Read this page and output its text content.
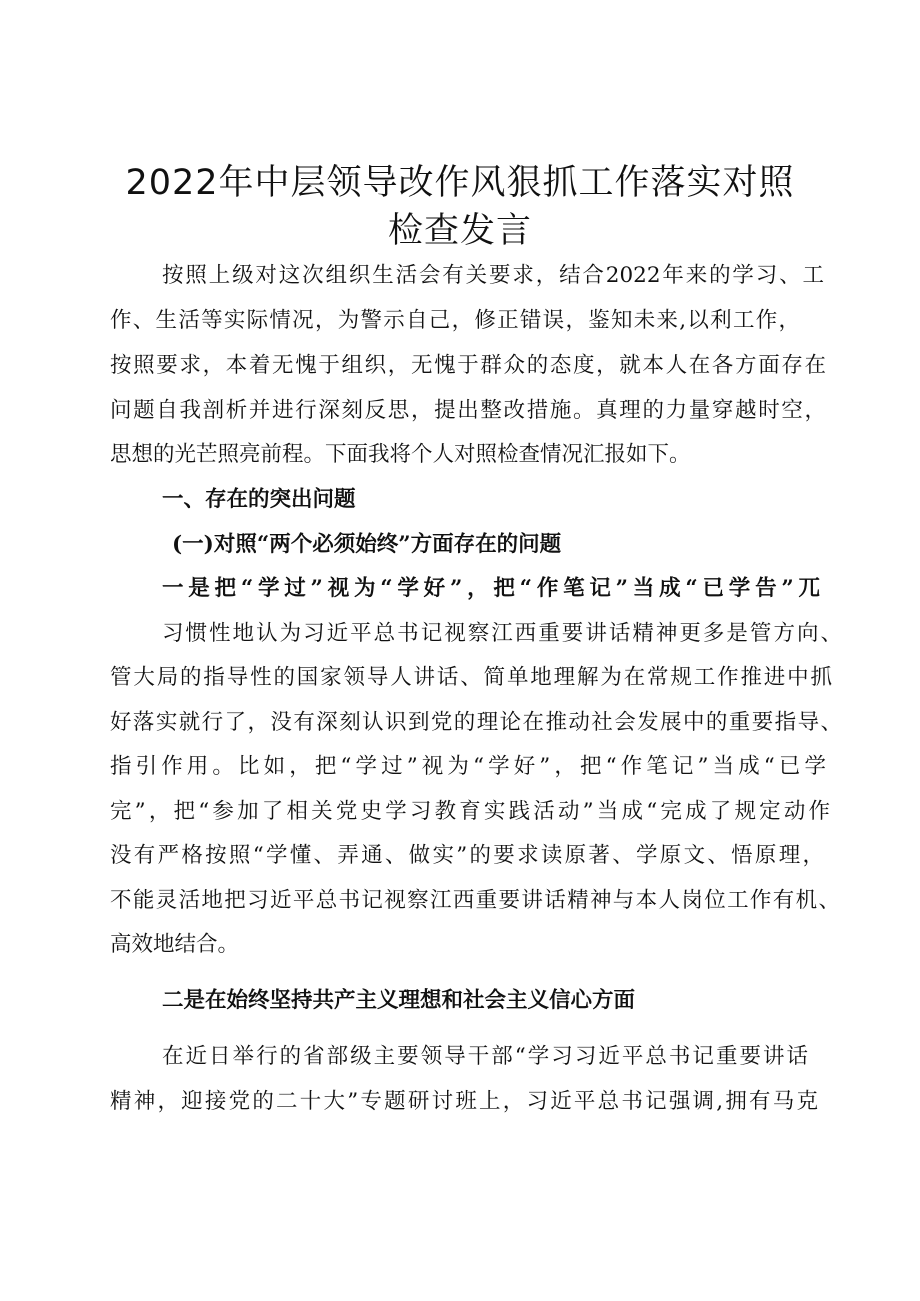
2022年中层领导改作风狠抓工作落实对照
检查发言
按照上级对这次组织生活会有关要求，结合2022年来的学习、工
作、生活等实际情况，为警示自己，修正错误，鉴知未来,以利工作，
按照要求，本着无愧于组织，无愧于群众的态度，就本人在各方面存在
问题自我剖析并进行深刻反思，提出整改措施。真理的力量穿越时空，
思想的光芒照亮前程。下面我将个人对照检查情况汇报如下。
一、存在的突出问题
(一)对照“两个必须始终”方面存在的问题
一是把“学过”视为“学好”，把“作笔记”当成“已学告”兀
习惯性地认为习近平总书记视察江西重要讲话精神更多是管方向、
管大局的指导性的国家领导人讲话、简单地理解为在常规工作推进中抓
好落实就行了，没有深刻认识到党的理论在推动社会发展中的重要指导、
指引作用。比如，把“学过”视为“学好”，把“作笔记”当成“已学
完”，把“参加了相关党史学习教育实践活动”当成“完成了规定动作
没有严格按照“学懂、弄通、做实”的要求读原著、学原文、悟原理，
不能灵活地把习近平总书记视察江西重要讲话精神与本人岗位工作有机、
高效地结合。
二是在始终坚持共产主义理想和社会主义信心方面
在近日举行的省部级主要领导干部“学习习近平总书记重要讲话
精神，迎接党的二十大”专题研讨班上，习近平总书记强调,拥有马克
